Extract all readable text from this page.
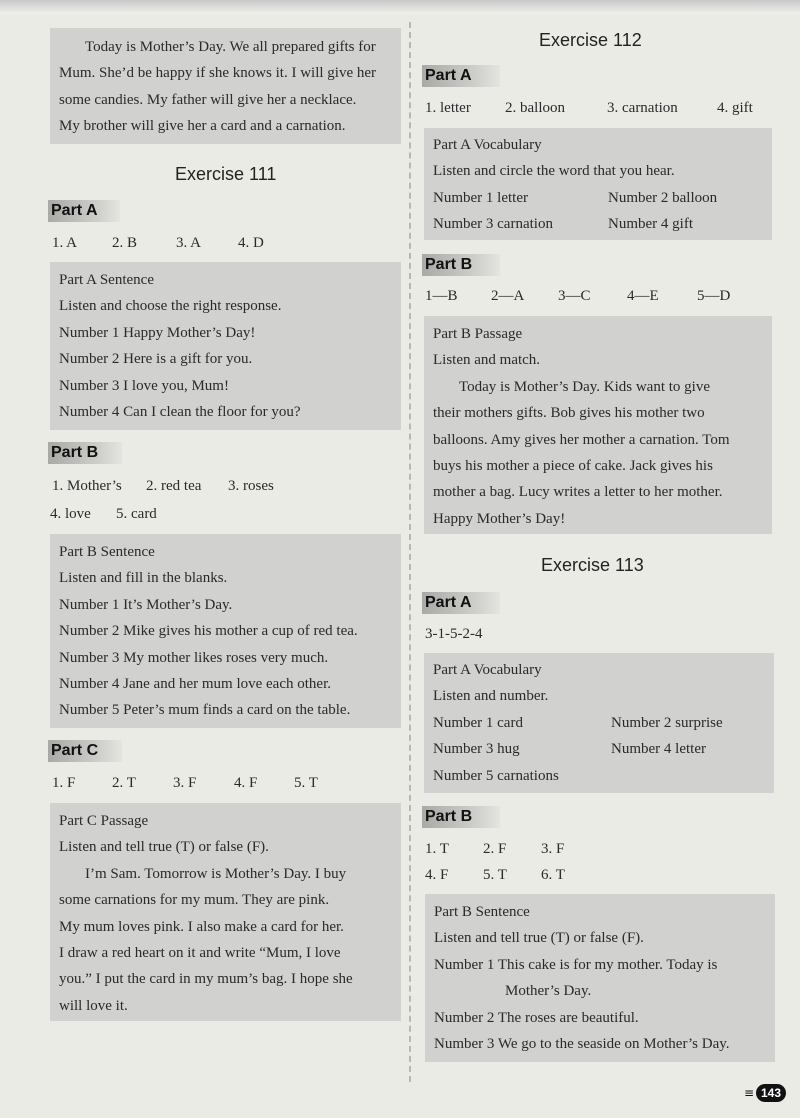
Today is Mother’s Day. We all prepared gifts for
Mum. She’d be happy if she knows it. I will give her
some candies. My father will give her a necklace.
My brother will give her a card and a carnation.
Exercise 111
Part A
1. A 2. B	3. A 4. D
Part A Sentence
Listen and choose the right response.
Number 1 Happy Mother’s Day!
Number 2 Here is a gift for you.
Number 3 I love you, Mum!
Number 4 Can I clean the floor for you?
Part B
1. Mother’s 2. red tea 3. roses
4. love 5. card
Part B Sentence
Listen and fill in the blanks.
Number 1 It’s Mother’s Day.
Number 2 Mike gives his mother a cup of red tea.
Number 3 My mother likes roses very much.
Number 4 Jane and her mum love each other.
Number 5 Peter’s mum finds a card on the table.
Part C
1. F 2. T 3. F	4. F 5. T
Part C Passage
Listen and tell true (T) or false (F).
I’m Sam. Tomorrow is Mother’s Day. I buy
some carnations for my mum. They are pink.
My mum loves pink. I also make a card for her.
I draw a red heart on it and write “Mum, I love
you.” I put the card in my mum’s bag. I hope she
will love it.
Exercise 112
Part A
1. letter 2. balloon	3. carnation	4. gift
Part A Vocabulary
Listen and circle the word that you hear.
Number 1 letter	Number 2 balloon
Number 3 carnation	Number 4 gift
Part B
1—B 2—A 3—C 4—E	5—D
Part B Passage
Listen and match.
Today is Mother’s Day. Kids want to give
their mothers gifts. Bob gives his mother two
balloons. Amy gives her mother a carnation. Tom
buys his mother a piece of cake. Jack gives his
mother a bag. Lucy writes a letter to her mother.
Happy Mother’s Day!
Exercise 113
Part A
3-1-5-2-4
Part A Vocabulary
Listen and number.
Number 1 card	Number 2 surprise
Number 3 hug	Number 4 letter
Number 5 carnations
Part B
1. T 2. F 3. F
4. F 5. T 6. T
Part B Sentence
Listen and tell true (T) or false (F).
Number 1 This cake is for my mother. Today is
Mother’s Day.
Number 2 The roses are beautiful.
Number 3 We go to the seaside on Mother’s Day.
≡ 143
